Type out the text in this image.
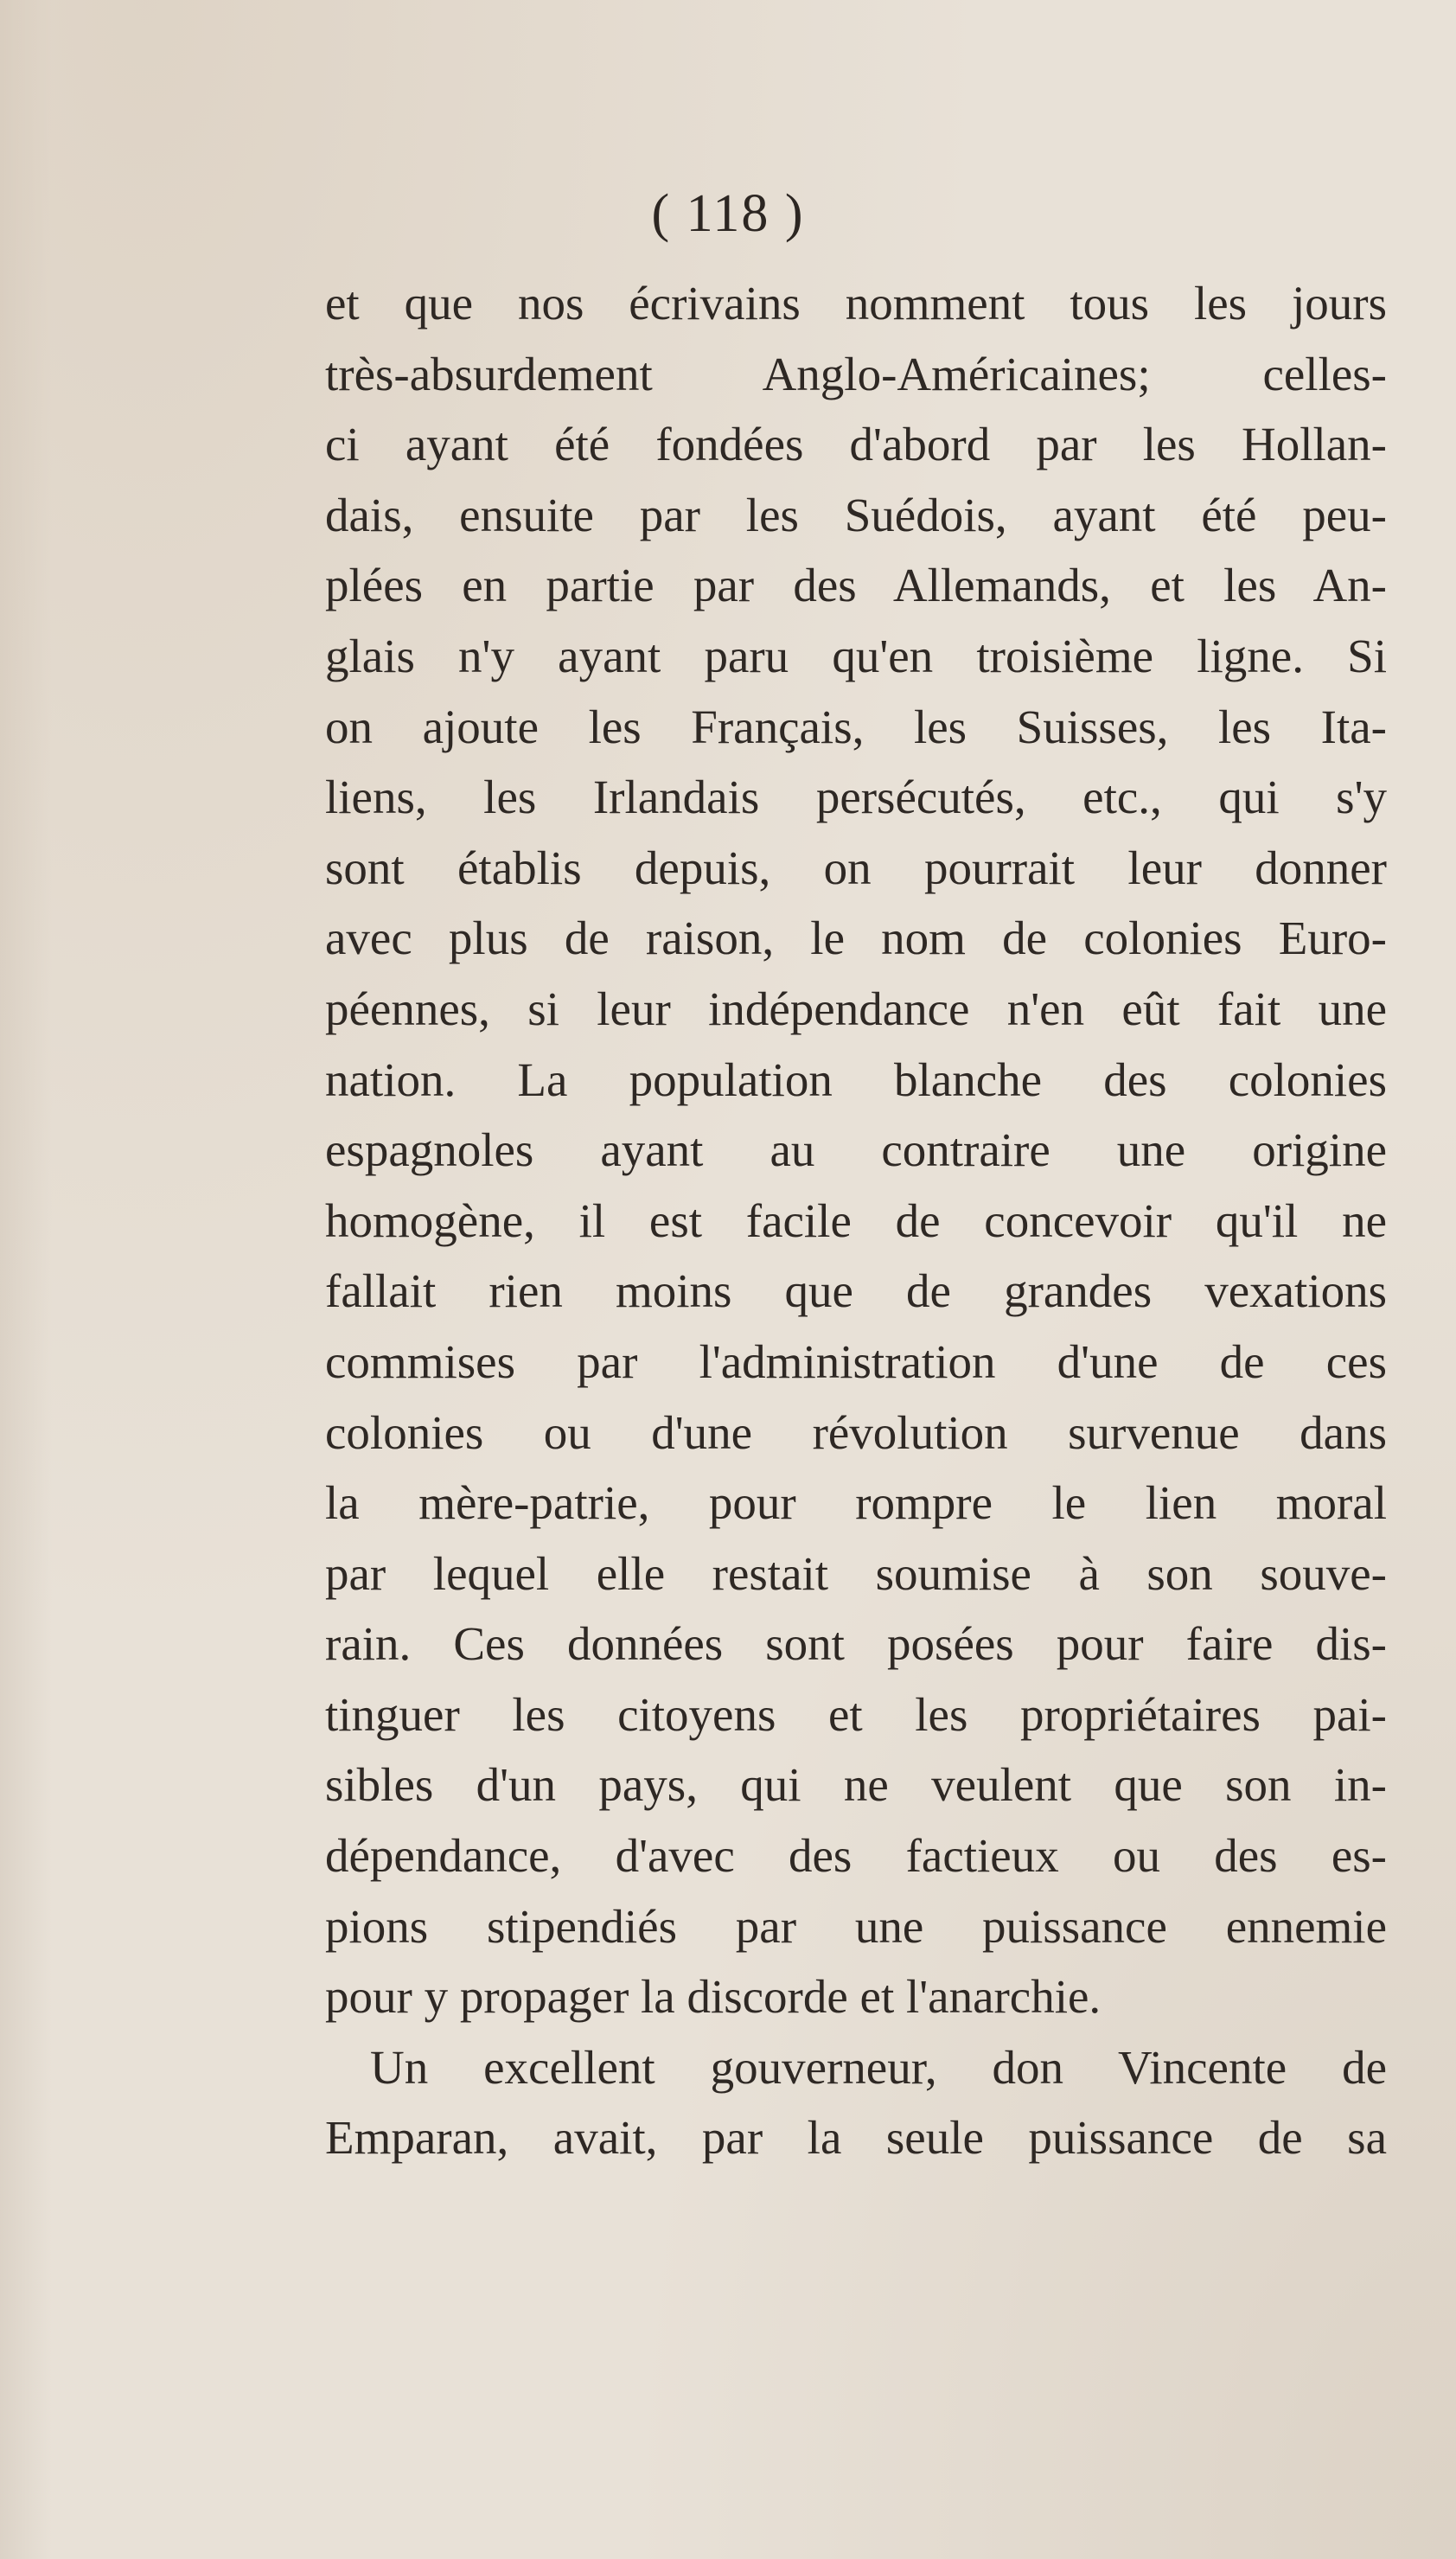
( 118 )
et que nos écrivains nomment tous les jours
très-absurdement Anglo-Américaines; celles-
ci ayant été fondées d'abord par les Hollan-
dais, ensuite par les Suédois, ayant été peu-
plées en partie par des Allemands, et les An-
glais n'y ayant paru qu'en troisième ligne. Si
on ajoute les Français, les Suisses, les Ita-
liens, les Irlandais persécutés, etc., qui s'y
sont établis depuis, on pourrait leur donner
avec plus de raison, le nom de colonies Euro-
péennes, si leur indépendance n'en eût fait une
nation. La population blanche des colonies
espagnoles ayant au contraire une origine
homogène, il est facile de concevoir qu'il ne
fallait rien moins que de grandes vexations
commises par l'administration d'une de ces
colonies ou d'une révolution survenue dans
la mère-patrie, pour rompre le lien moral
par lequel elle restait soumise à son souve-
rain. Ces données sont posées pour faire dis-
tinguer les citoyens et les propriétaires pai-
sibles d'un pays, qui ne veulent que son in-
dépendance, d'avec des factieux ou des es-
pions stipendiés par une puissance ennemie
pour y propager la discorde et l'anarchie.
Un excellent gouverneur, don Vincente de
Emparan, avait, par la seule puissance de sa
